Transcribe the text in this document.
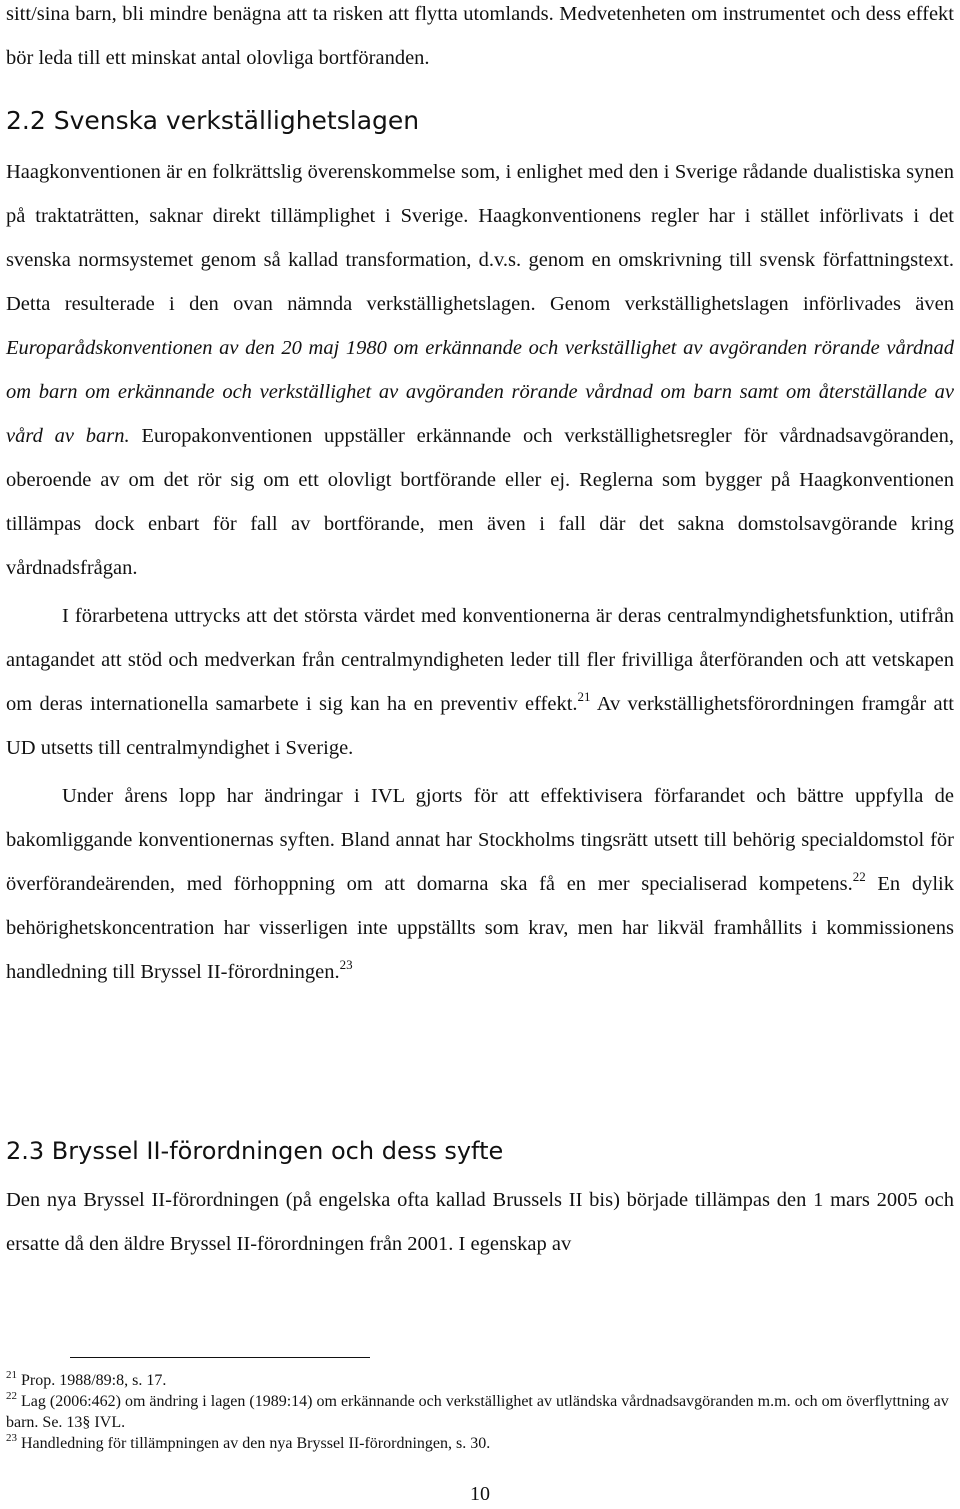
sitt/sina barn, bli mindre benägna att ta risken att flytta utomlands. Medvetenheten om instrumentet och dess effekt bör leda till ett minskat antal olovliga bortföranden.

2.2 Svenska verkställighetslagen

Haagkonventionen är en folkrättslig överenskommelse som, i enlighet med den i Sverige rådande dualistiska synen på traktaträtten, saknar direkt tillämplighet i Sverige. Haagkonventionens regler har i stället införlivats i det svenska normsystemet genom så kallad transformation, d.v.s. genom en omskrivning till svensk författningstext. Detta resulterade i den ovan nämnda verkställighetslagen. Genom verkställighetslagen införlivades även Europarådskonventionen av den 20 maj 1980 om erkännande och verkställighet av avgöranden rörande vårdnad om barn om erkännande och verkställighet av avgöranden rörande vårdnad om barn samt om återställande av vård av barn. Europakonventionen uppställer erkännande och verkställighetsregler för vårdnadsavgöranden, oberoende av om det rör sig om ett olovligt bortförande eller ej. Reglerna som bygger på Haagkonventionen tillämpas dock enbart för fall av bortförande, men även i fall där det sakna domstolsavgörande kring vårdnadsfrågan.

I förarbetena uttrycks att det största värdet med konventionerna är deras centralmyndighetsfunktion, utifrån antagandet att stöd och medverkan från centralmyndigheten leder till fler frivilliga återföranden och att vetskapen om deras internationella samarbete i sig kan ha en preventiv effekt.$^{21}$ Av verkställighetsförordningen framgår att UD utsetts till centralmyndighet i Sverige.

Under årens lopp har ändringar i IVL gjorts för att effektivisera förfarandet och bättre uppfylla de bakomliggande konventionernas syften. Bland annat har Stockholms tingsrätt utsett till behörig specialdomstol för överförandeärenden, med förhoppning om att domarna ska få en mer specialiserad kompetens.$^{22}$ En dylik behörighetskoncentration har visserligen inte uppställts som krav, men har likväl framhållits i kommissionens handledning till Bryssel II-förordningen.$^{23}$

2.3 Bryssel II-förordningen och dess syfte

Den nya Bryssel II-förordningen (på engelska ofta kallad Brussels II bis) började tillämpas den 1 mars 2005 och ersatte då den äldre Bryssel II-förordningen från 2001. I egenskap av

$^{21}$ Prop. 1988/89:8, s. 17.

$^{22}$ Lag (2006:462) om ändring i lagen (1989:14) om erkännande och verkställighet av utländska vårdnadsavgöranden m.m. och om överflyttning av barn. Se. 13§ IVL.

$^{23}$ Handledning för tillämpningen av den nya Bryssel II-förordningen, s. 30.

10
